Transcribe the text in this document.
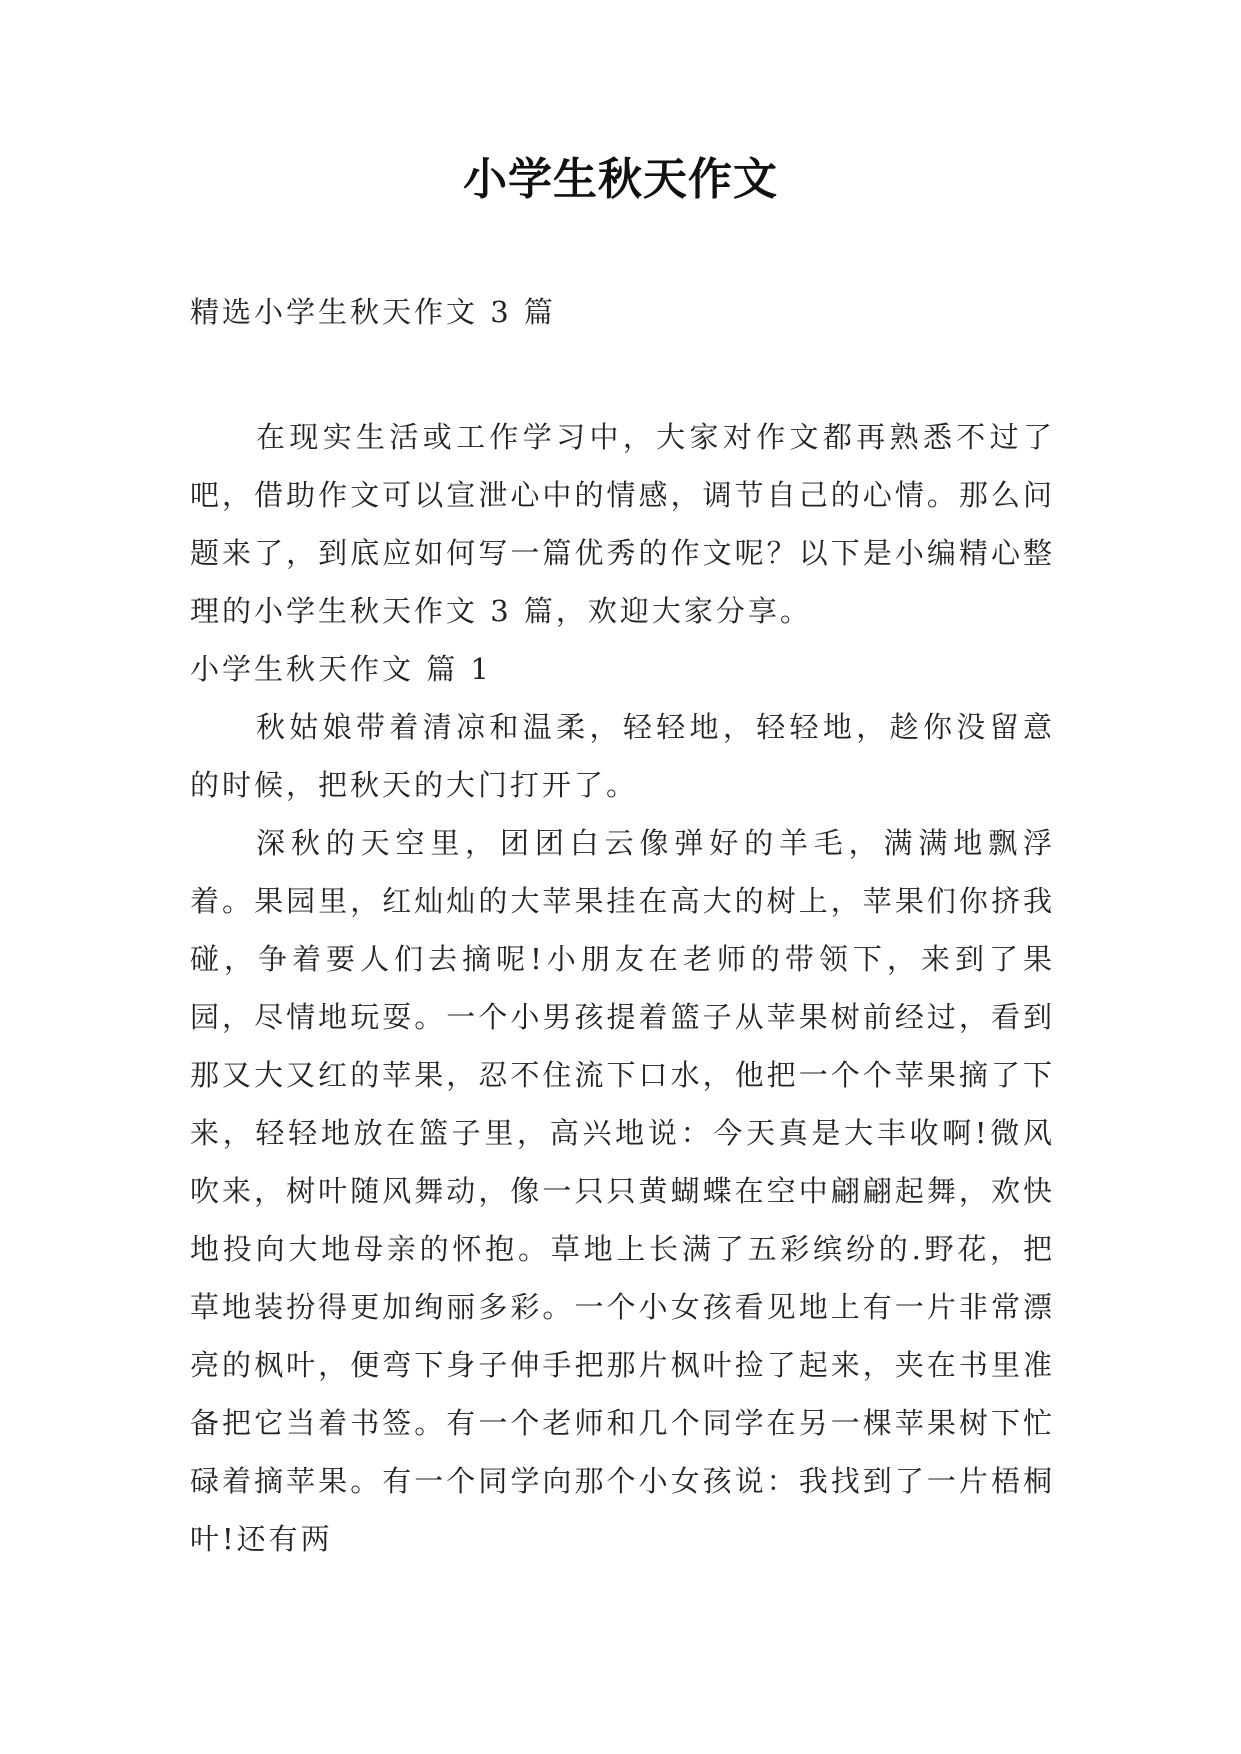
小学生秋天作文
精选小学生秋天作文 3 篇

在现实生活或工作学习中，大家对作文都再熟悉不过了吧，借助作文可以宣泄心中的情感，调节自己的心情。那么问题来了，到底应如何写一篇优秀的作文呢？以下是小编精心整理的小学生秋天作文 3 篇，欢迎大家分享。

小学生秋天作文 篇 1

秋姑娘带着清凉和温柔，轻轻地，轻轻地，趁你没留意的时候，把秋天的大门打开了。

深秋的天空里，团团白云像弹好的羊毛，满满地飘浮着。果园里，红灿灿的大苹果挂在高大的树上，苹果们你挤我碰，争着要人们去摘呢!小朋友在老师的带领下，来到了果园，尽情地玩耍。一个小男孩提着篮子从苹果树前经过，看到那又大又红的苹果，忍不住流下口水，他把一个个苹果摘了下来，轻轻地放在篮子里，高兴地说：今天真是大丰收啊!微风吹来，树叶随风舞动，像一只只黄蝴蝶在空中翩翩起舞，欢快地投向大地母亲的怀抱。草地上长满了五彩缤纷的.野花，把草地装扮得更加绚丽多彩。一个小女孩看见地上有一片非常漂亮的枫叶，便弯下身子伸手把那片枫叶捡了起来，夹在书里准备把它当着书签。有一个老师和几个同学在另一棵苹果树下忙碌着摘苹果。有一个同学向那个小女孩说：我找到了一片梧桐叶!还有两
